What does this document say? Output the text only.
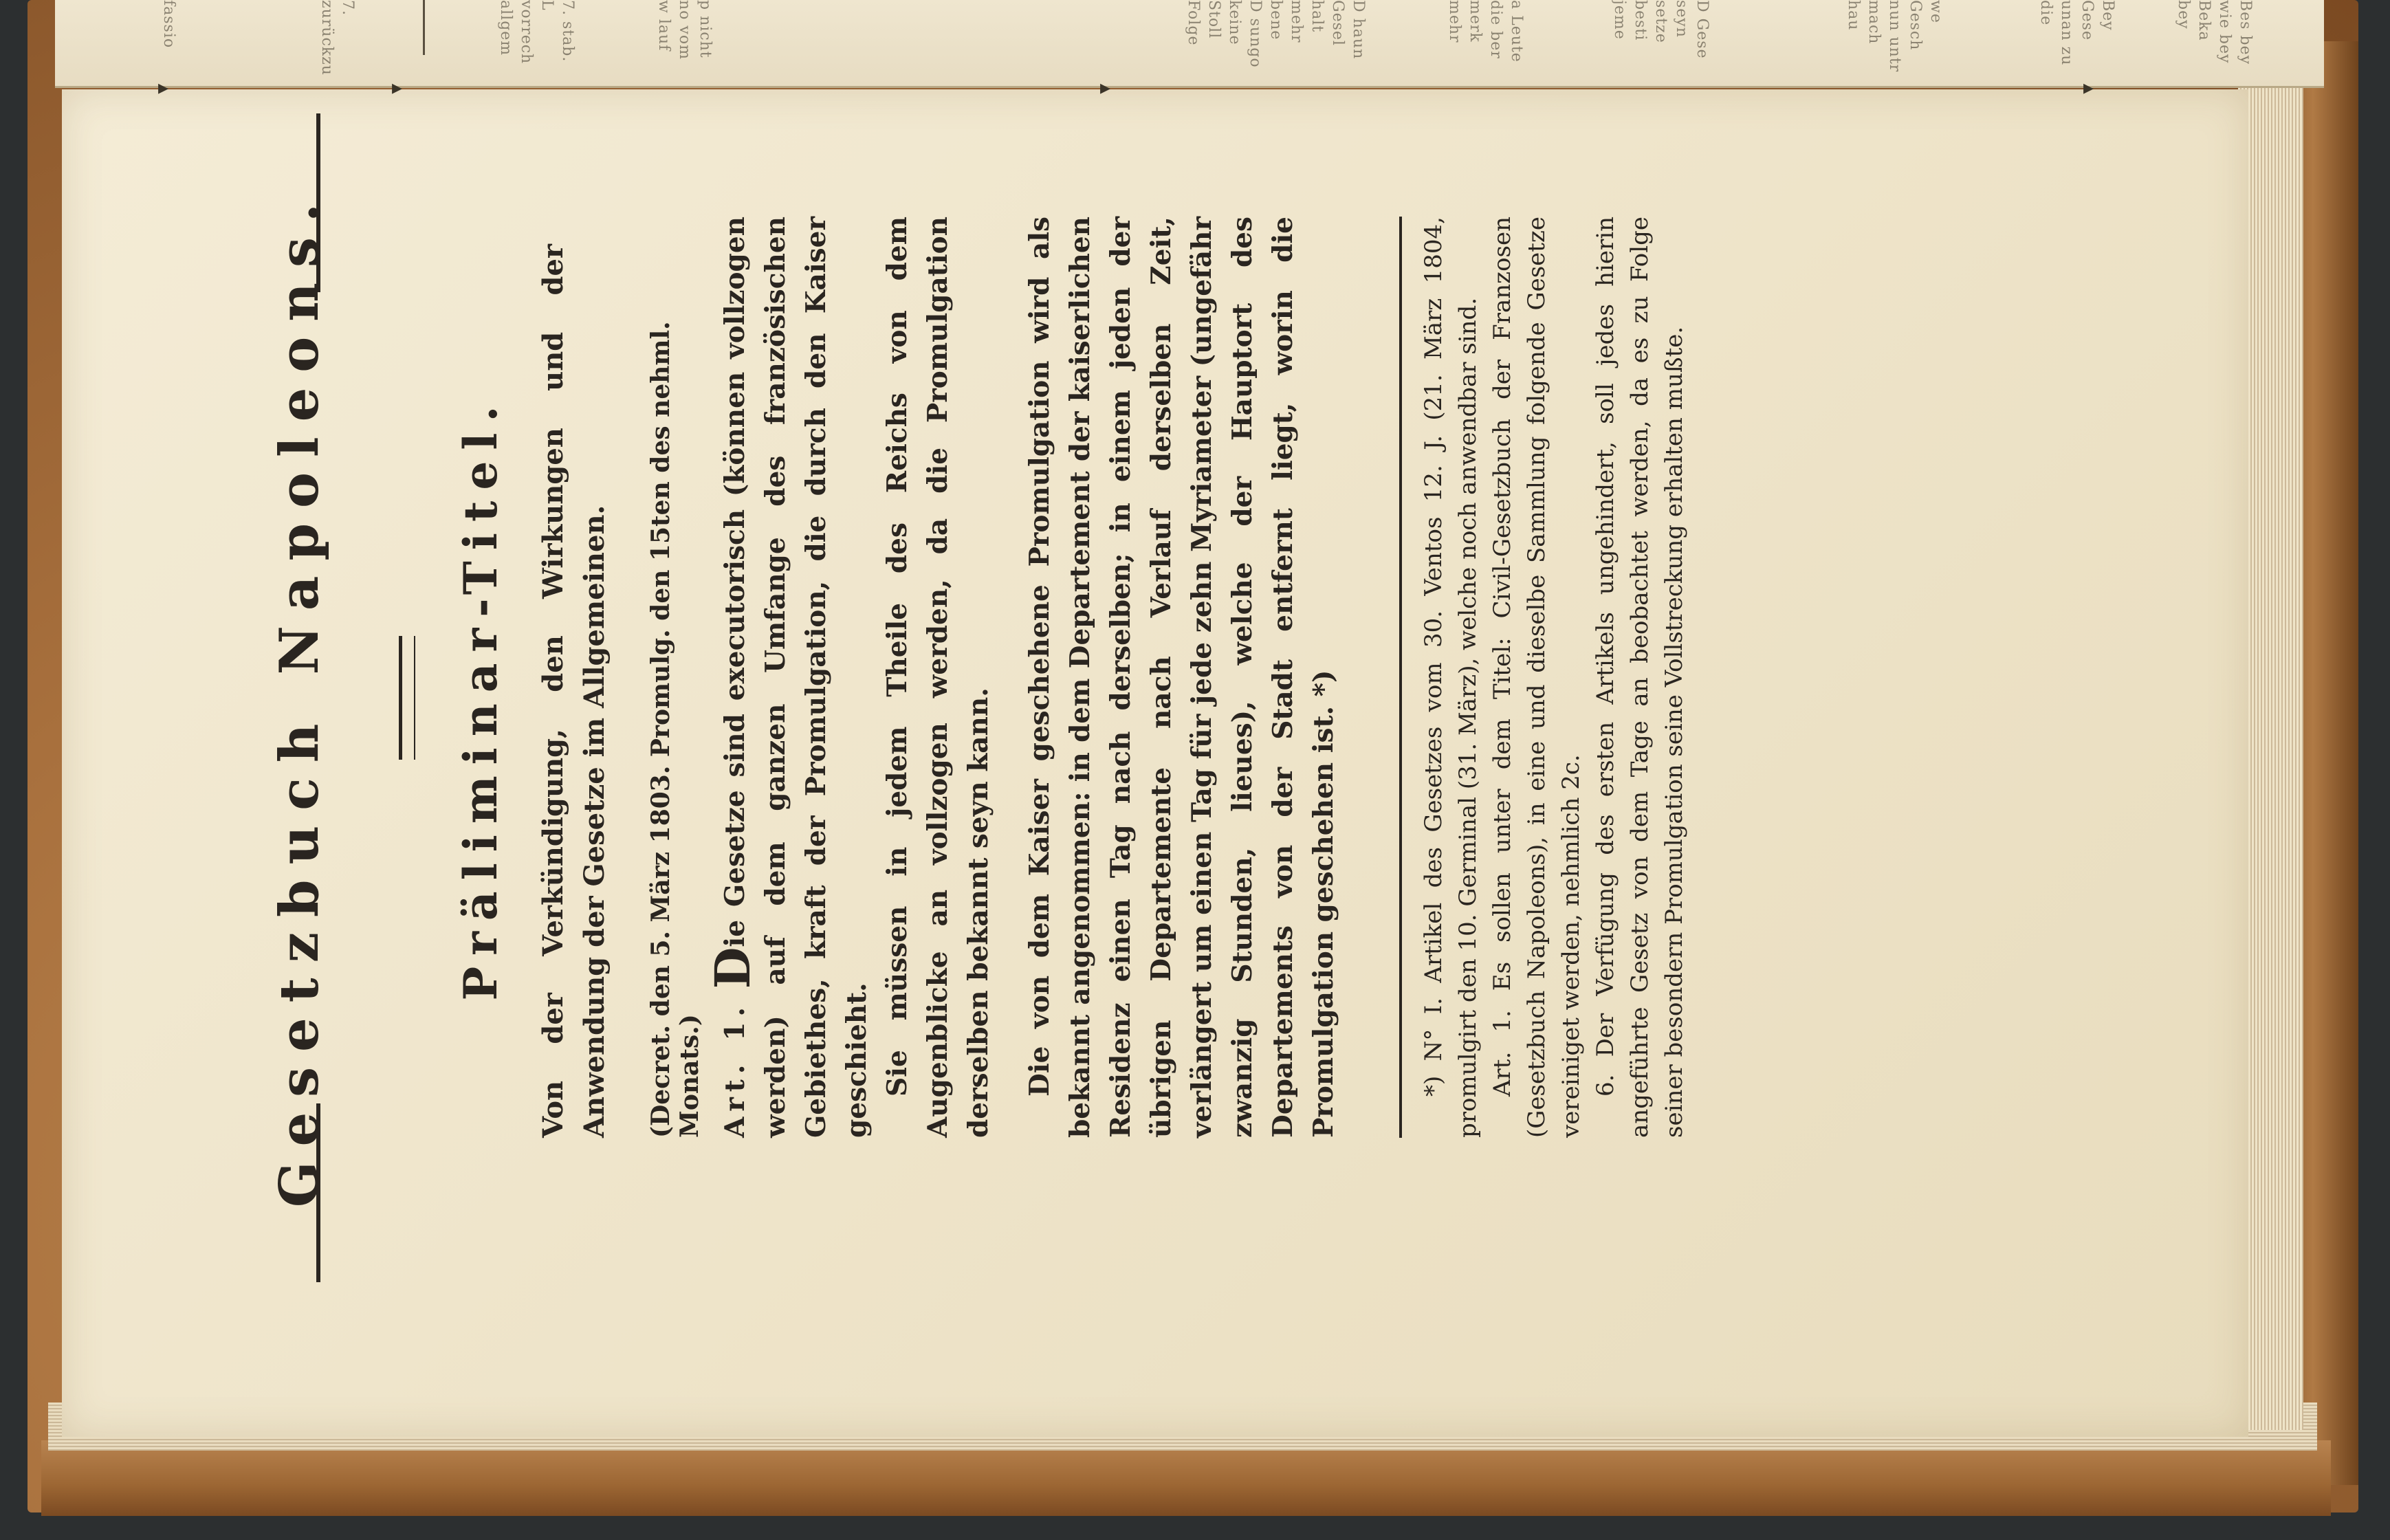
fassio	7. zurückzu	7. stab. L vorrech allgem	p nicht no vom w lauf	D sungo keine Stoll Folge	D haun Gesel halt mehr bene	a Leute die ber merk mehr	D Gese seyn setze besti jeme	we Gesch nun untr mach hau	Bey Gese unan zu die	Bes bey wie bey Beka bey
▸	▸	▸	▸
Gesetzbuch Napoleons.	Präliminar-Titel. Von der Verkündigung, den Wirkungen und der Anwendung der Gesetze im Allgemeinen. (Decret. den 5. März 1803. Promulg. den 15ten des nehml. Monats.) Art. 1. Die Gesetze sind executorisch (können vollzogen werden) auf dem ganzen Umfange des französischen Gebiethes, kraft der Promulgation, die durch den Kaiser geschieht. Sie müssen in jedem Theile des Reichs von dem Augenblicke an vollzogen werden, da die Promulgation derselben bekannt seyn kann. Die von dem Kaiser geschehene Promulgation wird als bekannt angenommen: in dem Departement der kaiserlichen Residenz einen Tag nach derselben; in einem jeden der übrigen Departemente nach Verlauf derselben Zeit, verlängert um einen Tag für jede zehn Myriameter (ungefähr zwanzig Stunden, lieues), welche der Hauptort des Departements von der Stadt entfernt liegt, worin die Promulgation geschehen ist. *)	*) N° I. Artikel des Gesetzes vom 30. Ventos 12. J. (21. März 1804, promulgirt den 10. Germinal (31. März), welche noch anwendbar sind. Art. 1. Es sollen unter dem Titel: Civil-Gesetzbuch der Franzosen (Gesetzbuch Napoleons), in eine und dieselbe Sammlung folgende Gesetze vereiniget werden, nehmlich 2c. 6. Der Verfügung des ersten Artikels ungehindert, soll jedes hierin angeführte Gesetz von dem Tage an beobachtet werden, da es zu Folge seiner besondern Promulgation seine Vollstreckung erhalten mußte.
